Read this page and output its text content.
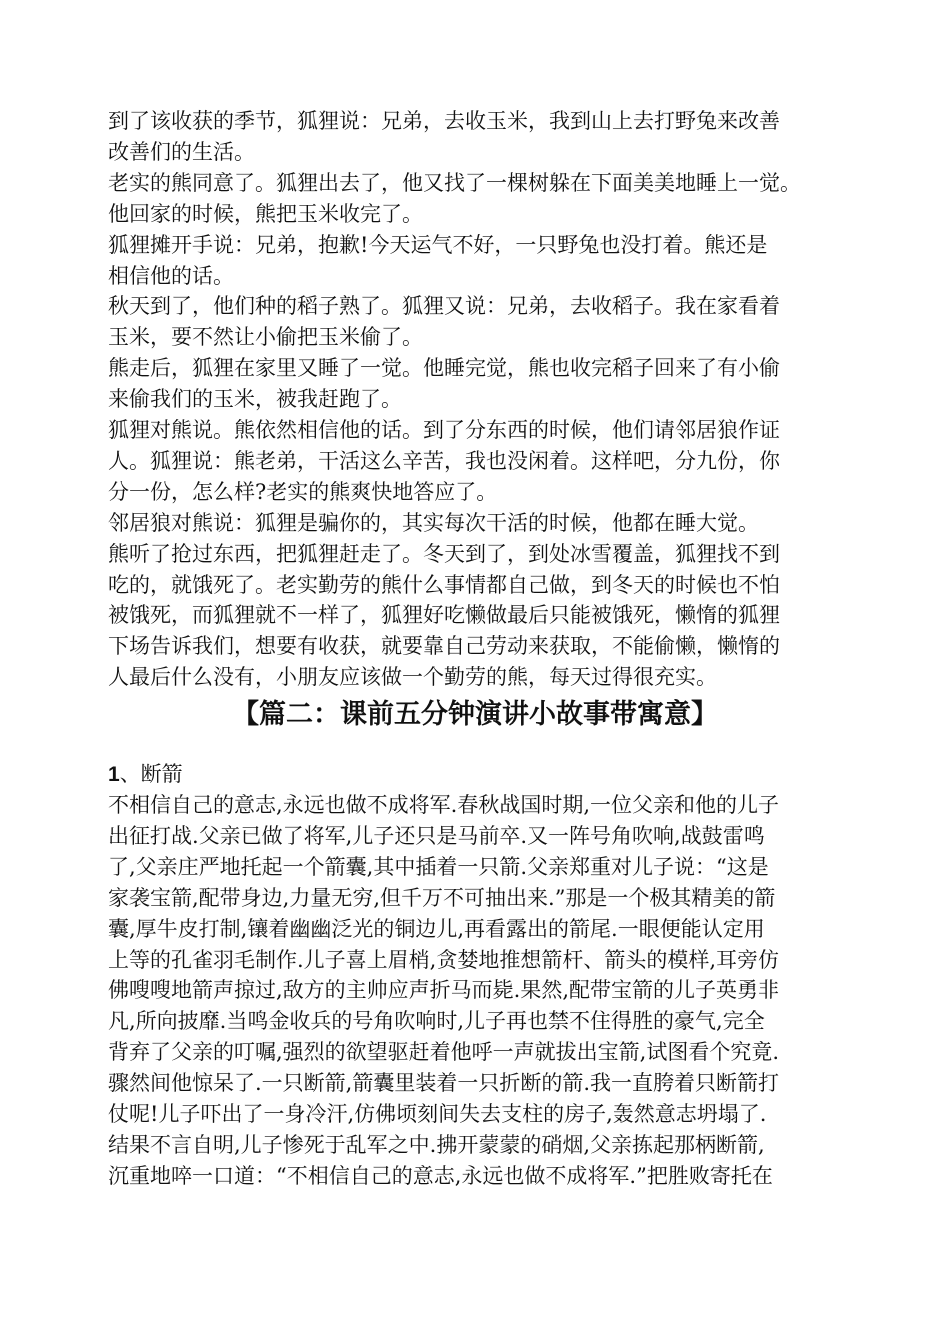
到了该收获的季节，狐狸说：兄弟，去收玉米，我到山上去打野兔来改善
改善们的生活。
老实的熊同意了。狐狸出去了，他又找了一棵树躲在下面美美地睡上一觉。
他回家的时候，熊把玉米收完了。
狐狸摊开手说：兄弟，抱歉!今天运气不好，一只野兔也没打着。熊还是
相信他的话。
秋天到了，他们种的稻子熟了。狐狸又说：兄弟，去收稻子。我在家看着
玉米，要不然让小偷把玉米偷了。
熊走后，狐狸在家里又睡了一觉。他睡完觉，熊也收完稻子回来了有小偷
来偷我们的玉米，被我赶跑了。
狐狸对熊说。熊依然相信他的话。到了分东西的时候，他们请邻居狼作证
人。狐狸说：熊老弟，干活这么辛苦，我也没闲着。这样吧，分九份，你
分一份，怎么样?老实的熊爽快地答应了。
邻居狼对熊说：狐狸是骗你的，其实每次干活的时候，他都在睡大觉。
熊听了抢过东西，把狐狸赶走了。冬天到了，到处冰雪覆盖，狐狸找不到
吃的，就饿死了。老实勤劳的熊什么事情都自己做，到冬天的时候也不怕
被饿死，而狐狸就不一样了，狐狸好吃懒做最后只能被饿死，懒惰的狐狸
下场告诉我们，想要有收获，就要靠自己劳动来获取，不能偷懒，懒惰的
人最后什么没有，小朋友应该做一个勤劳的熊，每天过得很充实。
【篇二：课前五分钟演讲小故事带寓意】
1、断箭
不相信自己的意志,永远也做不成将军.春秋战国时期,一位父亲和他的儿子
出征打战.父亲已做了将军,儿子还只是马前卒.又一阵号角吹响,战鼓雷鸣
了,父亲庄严地托起一个箭囊,其中插着一只箭.父亲郑重对儿子说：“这是
家袭宝箭,配带身边,力量无穷,但千万不可抽出来.”那是一个极其精美的箭
囊,厚牛皮打制,镶着幽幽泛光的铜边儿,再看露出的箭尾.一眼便能认定用
上等的孔雀羽毛制作.儿子喜上眉梢,贪婪地推想箭杆、箭头的模样,耳旁仿
佛嗖嗖地箭声掠过,敌方的主帅应声折马而毙.果然,配带宝箭的儿子英勇非
凡,所向披靡.当鸣金收兵的号角吹响时,儿子再也禁不住得胜的豪气,完全
背弃了父亲的叮嘱,强烈的欲望驱赶着他呼一声就拔出宝箭,试图看个究竟.
骤然间他惊呆了.一只断箭,箭囊里装着一只折断的箭.我一直胯着只断箭打
仗呢!儿子吓出了一身冷汗,仿佛顷刻间失去支柱的房子,轰然意志坍塌了.
结果不言自明,儿子惨死于乱军之中.拂开蒙蒙的硝烟,父亲拣起那柄断箭,
沉重地啐一口道：“不相信自己的意志,永远也做不成将军.”把胜败寄托在
